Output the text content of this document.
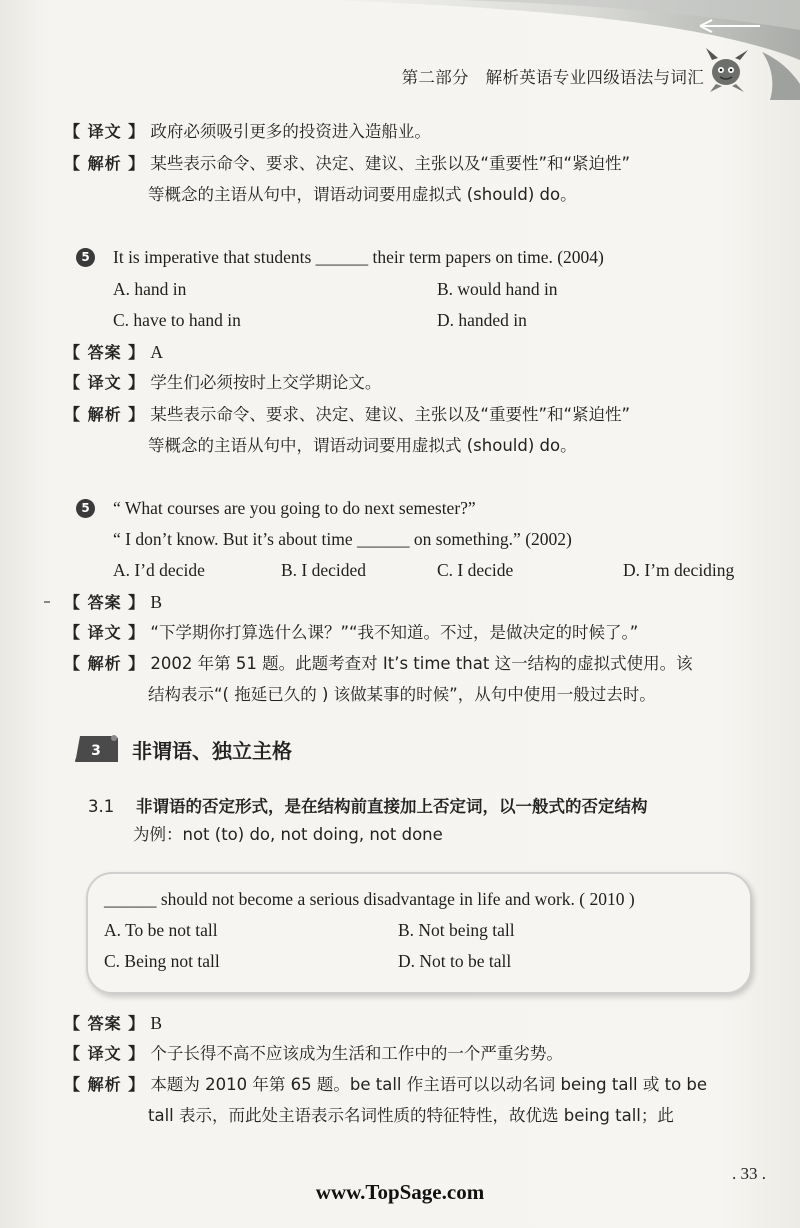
第二部分　解析英语专业四级语法与词汇
【 译文 】 政府必须吸引更多的投资进入造船业。
【 解析 】 某些表示命令、要求、决定、建议、主张以及“重要性”和“紧迫性”
等概念的主语从句中，谓语动词要用虚拟式 (should) do。
5	It is imperative that students ______ their term papers on time. (2004)
A. hand in	B. would hand in
C. have to hand in	D. handed in
【 答案 】 A
【 译文 】 学生们必须按时上交学期论文。
【 解析 】 某些表示命令、要求、决定、建议、主张以及“重要性”和“紧迫性”
等概念的主语从句中，谓语动词要用虚拟式 (should) do。
5	“ What courses are you going to do next semester?”
“ I don’t know. But it’s about time ______ on something.” (2002)
A. I’d decide	B. I decided	C. I decide	D. I’m deciding
【 答案 】 B
【 译文 】 “下学期你打算选什么课？”“我不知道。不过，是做决定的时候了。”
【 解析 】 2002 年第 51 题。此题考查对 It’s time that 这一结构的虚拟式使用。该
结构表示“( 拖延已久的 ) 该做某事的时候”，从句中使用一般过去时。
3 非谓语、独立主格
3.1 非谓语的否定形式，是在结构前直接加上否定词，以一般式的否定结构
为例：not (to) do, not doing, not done
______ should not become a serious disadvantage in life and work. ( 2010 )
A. To be not tall	B. Not being tall
C. Being not tall	D. Not to be tall
【 答案 】 B
【 译文 】 个子长得不高不应该成为生活和工作中的一个严重劣势。
【 解析 】 本题为 2010 年第 65 题。be tall 作主语可以以动名词 being tall 或 to be
tall 表示，而此处主语表示名词性质的特征特性，故优选 being tall；此
. 33 .
www.TopSage.com
